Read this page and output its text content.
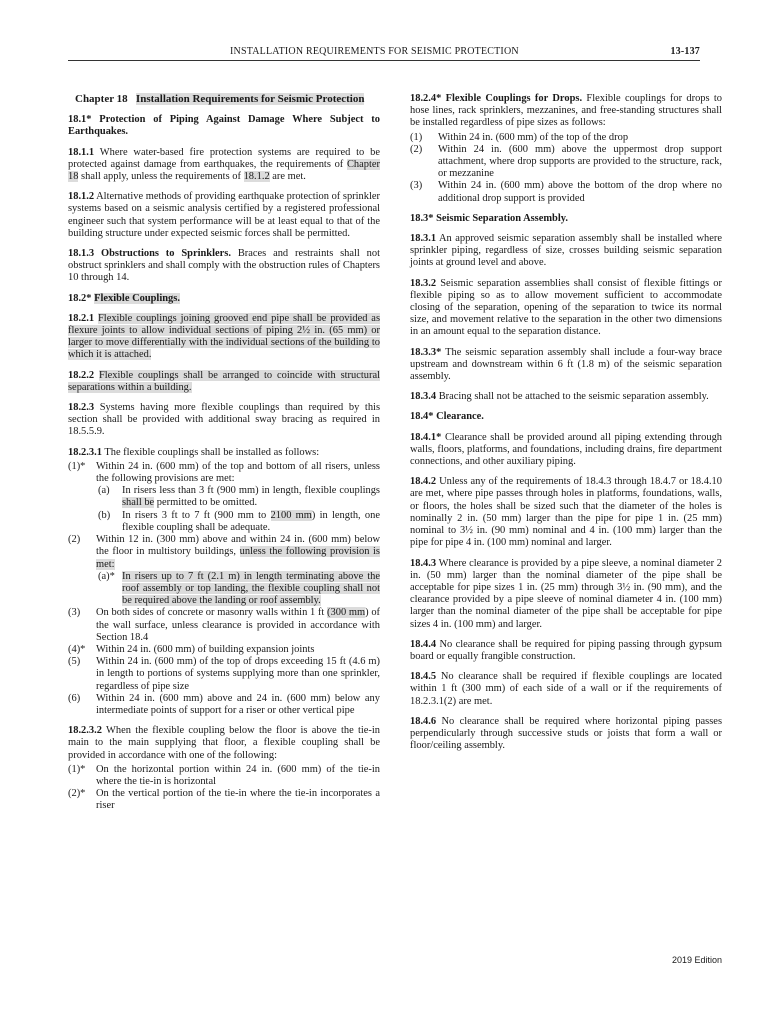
INSTALLATION REQUIREMENTS FOR SEISMIC PROTECTION	13-137
Chapter 18 Installation Requirements for Seismic Protection

18.1* Protection of Piping Against Damage Where Subject to Earthquakes.

18.1.1 Where water-based fire protection systems are required to be protected against damage from earthquakes, the requirements of Chapter 18 shall apply, unless the requirements of 18.1.2 are met.

18.1.2 Alternative methods of providing earthquake protection of sprinkler systems based on a seismic analysis certified by a registered professional engineer such that system performance will be at least equal to that of the building structure under expected seismic forces shall be permitted.

18.1.3 Obstructions to Sprinklers. Braces and restraints shall not obstruct sprinklers and shall comply with the obstruction rules of Chapters 10 through 14.

18.2* Flexible Couplings.

18.2.1 Flexible couplings joining grooved end pipe shall be provided as flexure joints to allow individual sections of piping 2½ in. (65 mm) or larger to move differentially with the individual sections of the building to which it is attached.

18.2.2 Flexible couplings shall be arranged to coincide with structural separations within a building.

18.2.3 Systems having more flexible couplings than required by this section shall be provided with additional sway bracing as required in 18.5.5.9.

18.2.3.1 The flexible couplings shall be installed as follows:

(1)* Within 24 in. (600 mm) of the top and bottom of all risers, unless the following provisions are met:
(a) In risers less than 3 ft (900 mm) in length, flexible couplings shall be permitted to be omitted.
(b) In risers 3 ft to 7 ft (900 mm to 2100 mm) in length, one flexible coupling shall be adequate.
(2) Within 12 in. (300 mm) above and within 24 in. (600 mm) below the floor in multistory buildings, unless the following provision is met:
(a)* In risers up to 7 ft (2.1 m) in length terminating above the roof assembly or top landing, the flexible coupling shall not be required above the landing or roof assembly.
(3) On both sides of concrete or masonry walls within 1 ft (300 mm) of the wall surface, unless clearance is provided in accordance with Section 18.4
(4)* Within 24 in. (600 mm) of building expansion joints
(5) Within 24 in. (600 mm) of the top of drops exceeding 15 ft (4.6 m) in length to portions of systems supplying more than one sprinkler, regardless of pipe size
(6) Within 24 in. (600 mm) above and 24 in. (600 mm) below any intermediate points of support for a riser or other vertical pipe

18.2.3.2 When the flexible coupling below the floor is above the tie-in main to the main supplying that floor, a flexible coupling shall be provided in accordance with one of the following:

(1)* On the horizontal portion within 24 in. (600 mm) of the tie-in where the tie-in is horizontal
(2)* On the vertical portion of the tie-in where the tie-in incorporates a riser

18.2.4* Flexible Couplings for Drops. Flexible couplings for drops to hose lines, rack sprinklers, mezzanines, and free-standing structures shall be installed regardless of pipe sizes as follows:

(1) Within 24 in. (600 mm) of the top of the drop
(2) Within 24 in. (600 mm) above the uppermost drop support attachment, where drop supports are provided to the structure, rack, or mezzanine
(3) Within 24 in. (600 mm) above the bottom of the drop where no additional drop support is provided

18.3* Seismic Separation Assembly.

18.3.1 An approved seismic separation assembly shall be installed where sprinkler piping, regardless of size, crosses building seismic separation joints at ground level and above.

18.3.2 Seismic separation assemblies shall consist of flexible fittings or flexible piping so as to allow movement sufficient to accommodate closing of the separation, opening of the separation to twice its normal size, and movement relative to the separation in the other two dimensions in an amount equal to the separation distance.

18.3.3* The seismic separation assembly shall include a four-way brace upstream and downstream within 6 ft (1.8 m) of the seismic separation assembly.

18.3.4 Bracing shall not be attached to the seismic separation assembly.

18.4* Clearance.

18.4.1* Clearance shall be provided around all piping extending through walls, floors, platforms, and foundations, including drains, fire department connections, and other auxiliary piping.

18.4.2 Unless any of the requirements of 18.4.3 through 18.4.7 or 18.4.10 are met, where pipe passes through holes in platforms, foundations, walls, or floors, the holes shall be sized such that the diameter of the holes is nominally 2 in. (50 mm) larger than the pipe for pipe 1 in. (25 mm) nominal to 3½ in. (90 mm) nominal and 4 in. (100 mm) larger than the pipe for pipe 4 in. (100 mm) nominal and larger.

18.4.3 Where clearance is provided by a pipe sleeve, a nominal diameter 2 in. (50 mm) larger than the nominal diameter of the pipe shall be acceptable for pipe sizes 1 in. (25 mm) through 3½ in. (90 mm), and the clearance provided by a pipe sleeve of nominal diameter 4 in. (100 mm) larger than the nominal diameter of the pipe shall be acceptable for pipe sizes 4 in. (100 mm) and larger.

18.4.4 No clearance shall be required for piping passing through gypsum board or equally frangible construction.

18.4.5 No clearance shall be required if flexible couplings are located within 1 ft (300 mm) of each side of a wall or if the requirements of 18.2.3.1(2) are met.

18.4.6 No clearance shall be required where horizontal piping passes perpendicularly through successive studs or joists that form a wall or floor/ceiling assembly.

2019 Edition
